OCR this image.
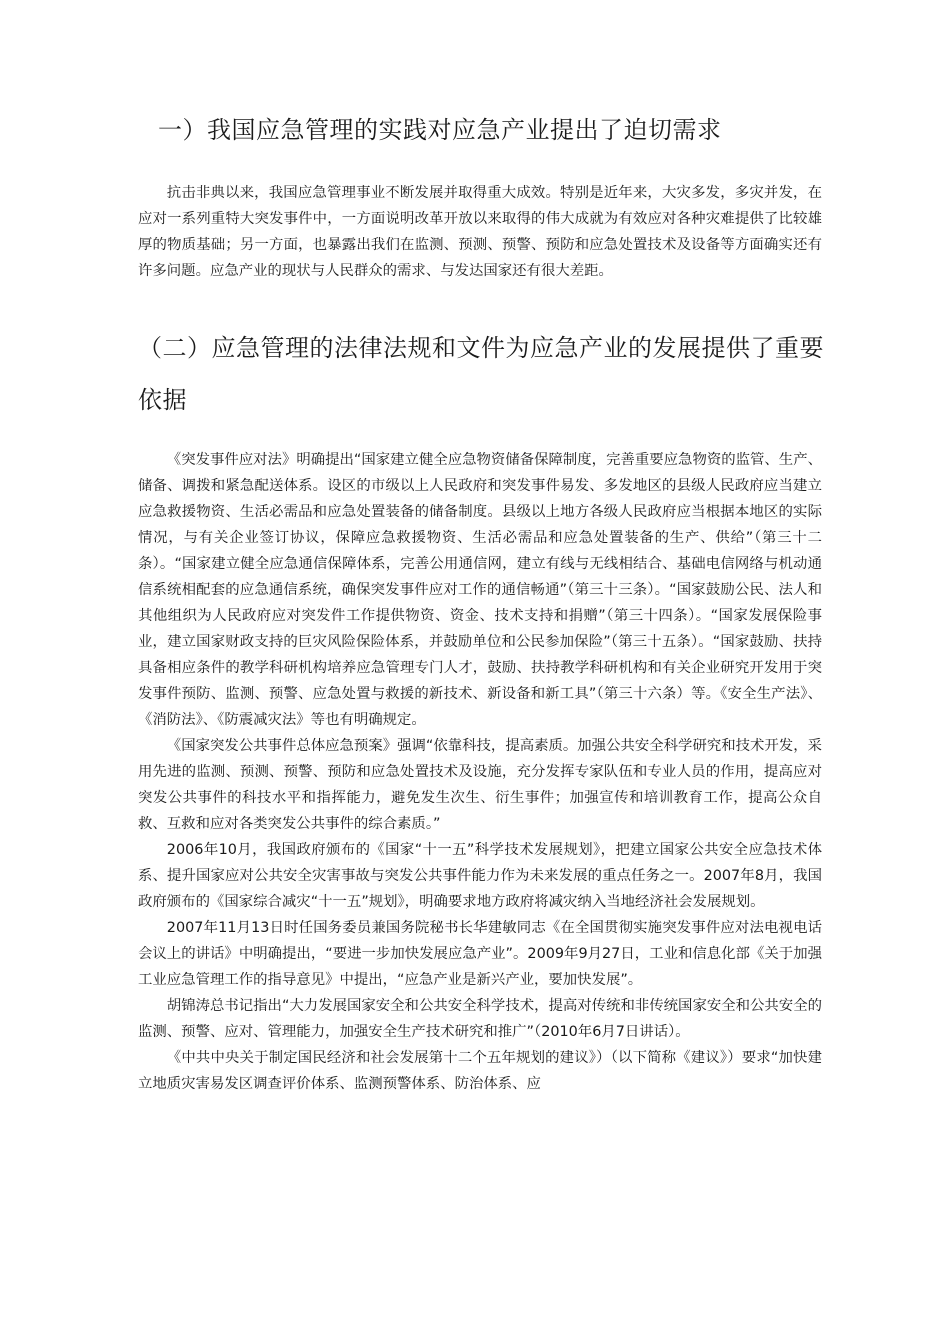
一）我国应急管理的实践对应急产业提出了迫切需求

抗击非典以来，我国应急管理事业不断发展并取得重大成效。特别是近年来，大灾多发，多灾并发，在应对一系列重特大突发事件中，一方面说明改革开放以来取得的伟大成就为有效应对各种灾难提供了比较雄厚的物质基础；另一方面，也暴露出我们在监测、预测、预警、预防和应急处置技术及设备等方面确实还有许多问题。应急产业的现状与人民群众的需求、与发达国家还有很大差距。

（二）应急管理的法律法规和文件为应急产业的发展提供了重要依据

《突发事件应对法》明确提出“国家建立健全应急物资储备保障制度，完善重要应急物资的监管、生产、储备、调拨和紧急配送体系。设区的市级以上人民政府和突发事件易发、多发地区的县级人民政府应当建立应急救援物资、生活必需品和应急处置装备的储备制度。县级以上地方各级人民政府应当根据本地区的实际情况，与有关企业签订协议，保障应急救援物资、生活必需品和应急处置装备的生产、供给”（第三十二条）。“国家建立健全应急通信保障体系，完善公用通信网，建立有线与无线相结合、基础电信网络与机动通信系统相配套的应急通信系统，确保突发事件应对工作的通信畅通”（第三十三条）。“国家鼓励公民、法人和其他组织为人民政府应对突发件工作提供物资、资金、技术支持和捐赠”（第三十四条）。“国家发展保险事业，建立国家财政支持的巨灾风险保险体系，并鼓励单位和公民参加保险”（第三十五条）。“国家鼓励、扶持具备相应条件的教学科研机构培养应急管理专门人才，鼓励、扶持教学科研机构和有关企业研究开发用于突发事件预防、监测、预警、应急处置与救援的新技术、新设备和新工具”（第三十六条）等。《安全生产法》、《消防法》、《防震减灾法》等也有明确规定。

《国家突发公共事件总体应急预案》强调“依靠科技，提高素质。加强公共安全科学研究和技术开发，采用先进的监测、预测、预警、预防和应急处置技术及设施，充分发挥专家队伍和专业人员的作用，提高应对突发公共事件的科技水平和指挥能力，避免发生次生、衍生事件；加强宣传和培训教育工作，提高公众自救、互救和应对各类突发公共事件的综合素质。”

2006年10月，我国政府颁布的《国家“十一五”科学技术发展规划》，把建立国家公共安全应急技术体系、提升国家应对公共安全灾害事故与突发公共事件能力作为未来发展的重点任务之一。2007年8月，我国政府颁布的《国家综合减灾“十一五”规划》，明确要求地方政府将减灾纳入当地经济社会发展规划。

2007年11月13日时任国务委员兼国务院秘书长华建敏同志《在全国贯彻实施突发事件应对法电视电话会议上的讲话》中明确提出，“要进一步加快发展应急产业”。2009年9月27日，工业和信息化部《关于加强工业应急管理工作的指导意见》中提出，“应急产业是新兴产业，要加快发展”。

胡锦涛总书记指出“大力发展国家安全和公共安全科学技术，提高对传统和非传统国家安全和公共安全的监测、预警、应对、管理能力，加强安全生产技术研究和推广”（2010年6月7日讲话）。

《中共中央关于制定国民经济和社会发展第十二个五年规划的建议》）（以下简称《建议》）要求“加快建立地质灾害易发区调查评价体系、监测预警体系、防治体系、应
